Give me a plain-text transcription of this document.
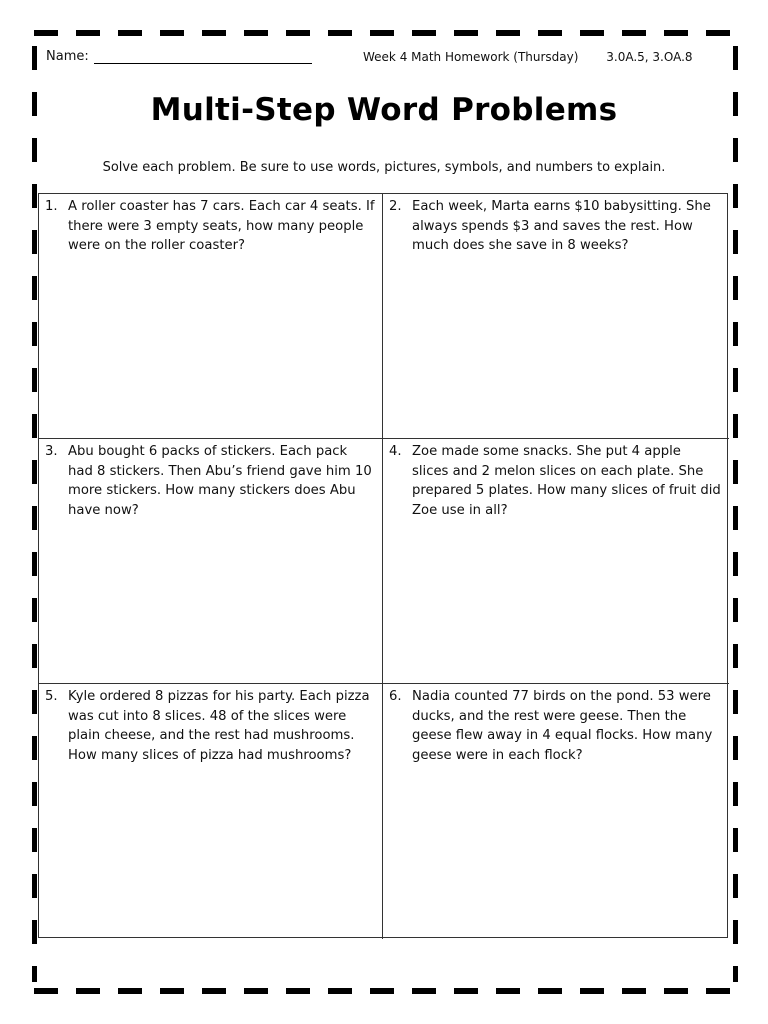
Name:	Week 4 Math Homework (Thursday) 3.0A.5, 3.OA.8
Multi-Step Word Problems
Solve each problem. Be sure to use words, pictures, symbols, and numbers to explain.
1. A roller coaster has 7 cars. Each car 4 seats. If there were 3 empty seats, how many people were on the roller coaster?
2. Each week, Marta earns $10 babysitting. She always spends $3 and saves the rest. How much does she save in 8 weeks?
3. Abu bought 6 packs of stickers. Each pack had 8 stickers. Then Abu’s friend gave him 10 more stickers. How many stickers does Abu have now?
4. Zoe made some snacks. She put 4 apple slices and 2 melon slices on each plate. She prepared 5 plates. How many slices of fruit did Zoe use in all?
5. Kyle ordered 8 pizzas for his party. Each pizza was cut into 8 slices. 48 of the slices were plain cheese, and the rest had mushrooms. How many slices of pizza had mushrooms?
6. Nadia counted 77 birds on the pond. 53 were ducks, and the rest were geese. Then the geese flew away in 4 equal flocks. How many geese were in each flock?
